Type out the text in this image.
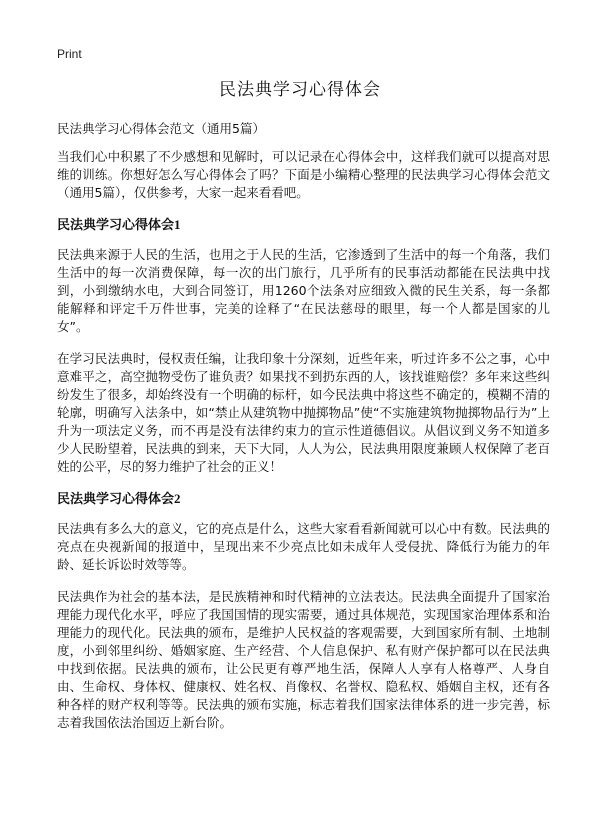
Print
民法典学习心得体会
民法典学习心得体会范文（通用5篇）

当我们心中积累了不少感想和见解时，可以记录在心得体会中，这样我们就可以提高对思维的训练。你想好怎么写心得体会了吗？下面是小编精心整理的民法典学习心得体会范文（通用5篇），仅供参考，大家一起来看看吧。

民法典学习心得体会1

民法典来源于人民的生活，也用之于人民的生活，它渗透到了生活中的每一个角落，我们生活中的每一次消费保障，每一次的出门旅行，几乎所有的民事活动都能在民法典中找到，小到缴纳水电，大到合同签订，用1260个法条对应细致入微的民生关系，每一条都能解释和评定千万件世事，完美的诠释了“在民法慈母的眼里，每一个人都是国家的儿女”。

在学习民法典时，侵权责任编，让我印象十分深刻，近些年来，听过许多不公之事，心中意难平之，高空抛物受伤了谁负责？如果找不到扔东西的人，该找谁赔偿？多年来这些纠纷发生了很多，却始终没有一个明确的标杆，如今民法典中将这些不确定的，模糊不清的轮廓，明确写入法条中，如“禁止从建筑物中抛掷物品”使“不实施建筑物抛掷物品行为”上升为一项法定义务，而不再是没有法律约束力的宣示性道德倡议。从倡议到义务不知道多少人民盼望着，民法典的到来，天下大同，人人为公，民法典用限度兼顾人权保障了老百姓的公平，尽的努力维护了社会的正义！

民法典学习心得体会2

民法典有多么大的意义，它的亮点是什么，这些大家看看新闻就可以心中有数。民法典的亮点在央视新闻的报道中，呈现出来不少亮点比如未成年人受侵扰、降低行为能力的年龄、延长诉讼时效等等。

民法典作为社会的基本法，是民族精神和时代精神的立法表达。民法典全面提升了国家治理能力现代化水平，呼应了我国国情的现实需要，通过具体规范，实现国家治理体系和治理能力的现代化。民法典的颁布，是维护人民权益的客观需要，大到国家所有制、土地制度，小到邻里纠纷、婚姻家庭、生产经营、个人信息保护、私有财产保护都可以在民法典中找到依据。民法典的颁布，让公民更有尊严地生活，保障人人享有人格尊严、人身自由、生命权、身体权、健康权、姓名权、肖像权、名誉权、隐私权、婚姻自主权，还有各种各样的财产权利等等。民法典的颁布实施，标志着我们国家法律体系的进一步完善，标志着我国依法治国迈上新台阶。
